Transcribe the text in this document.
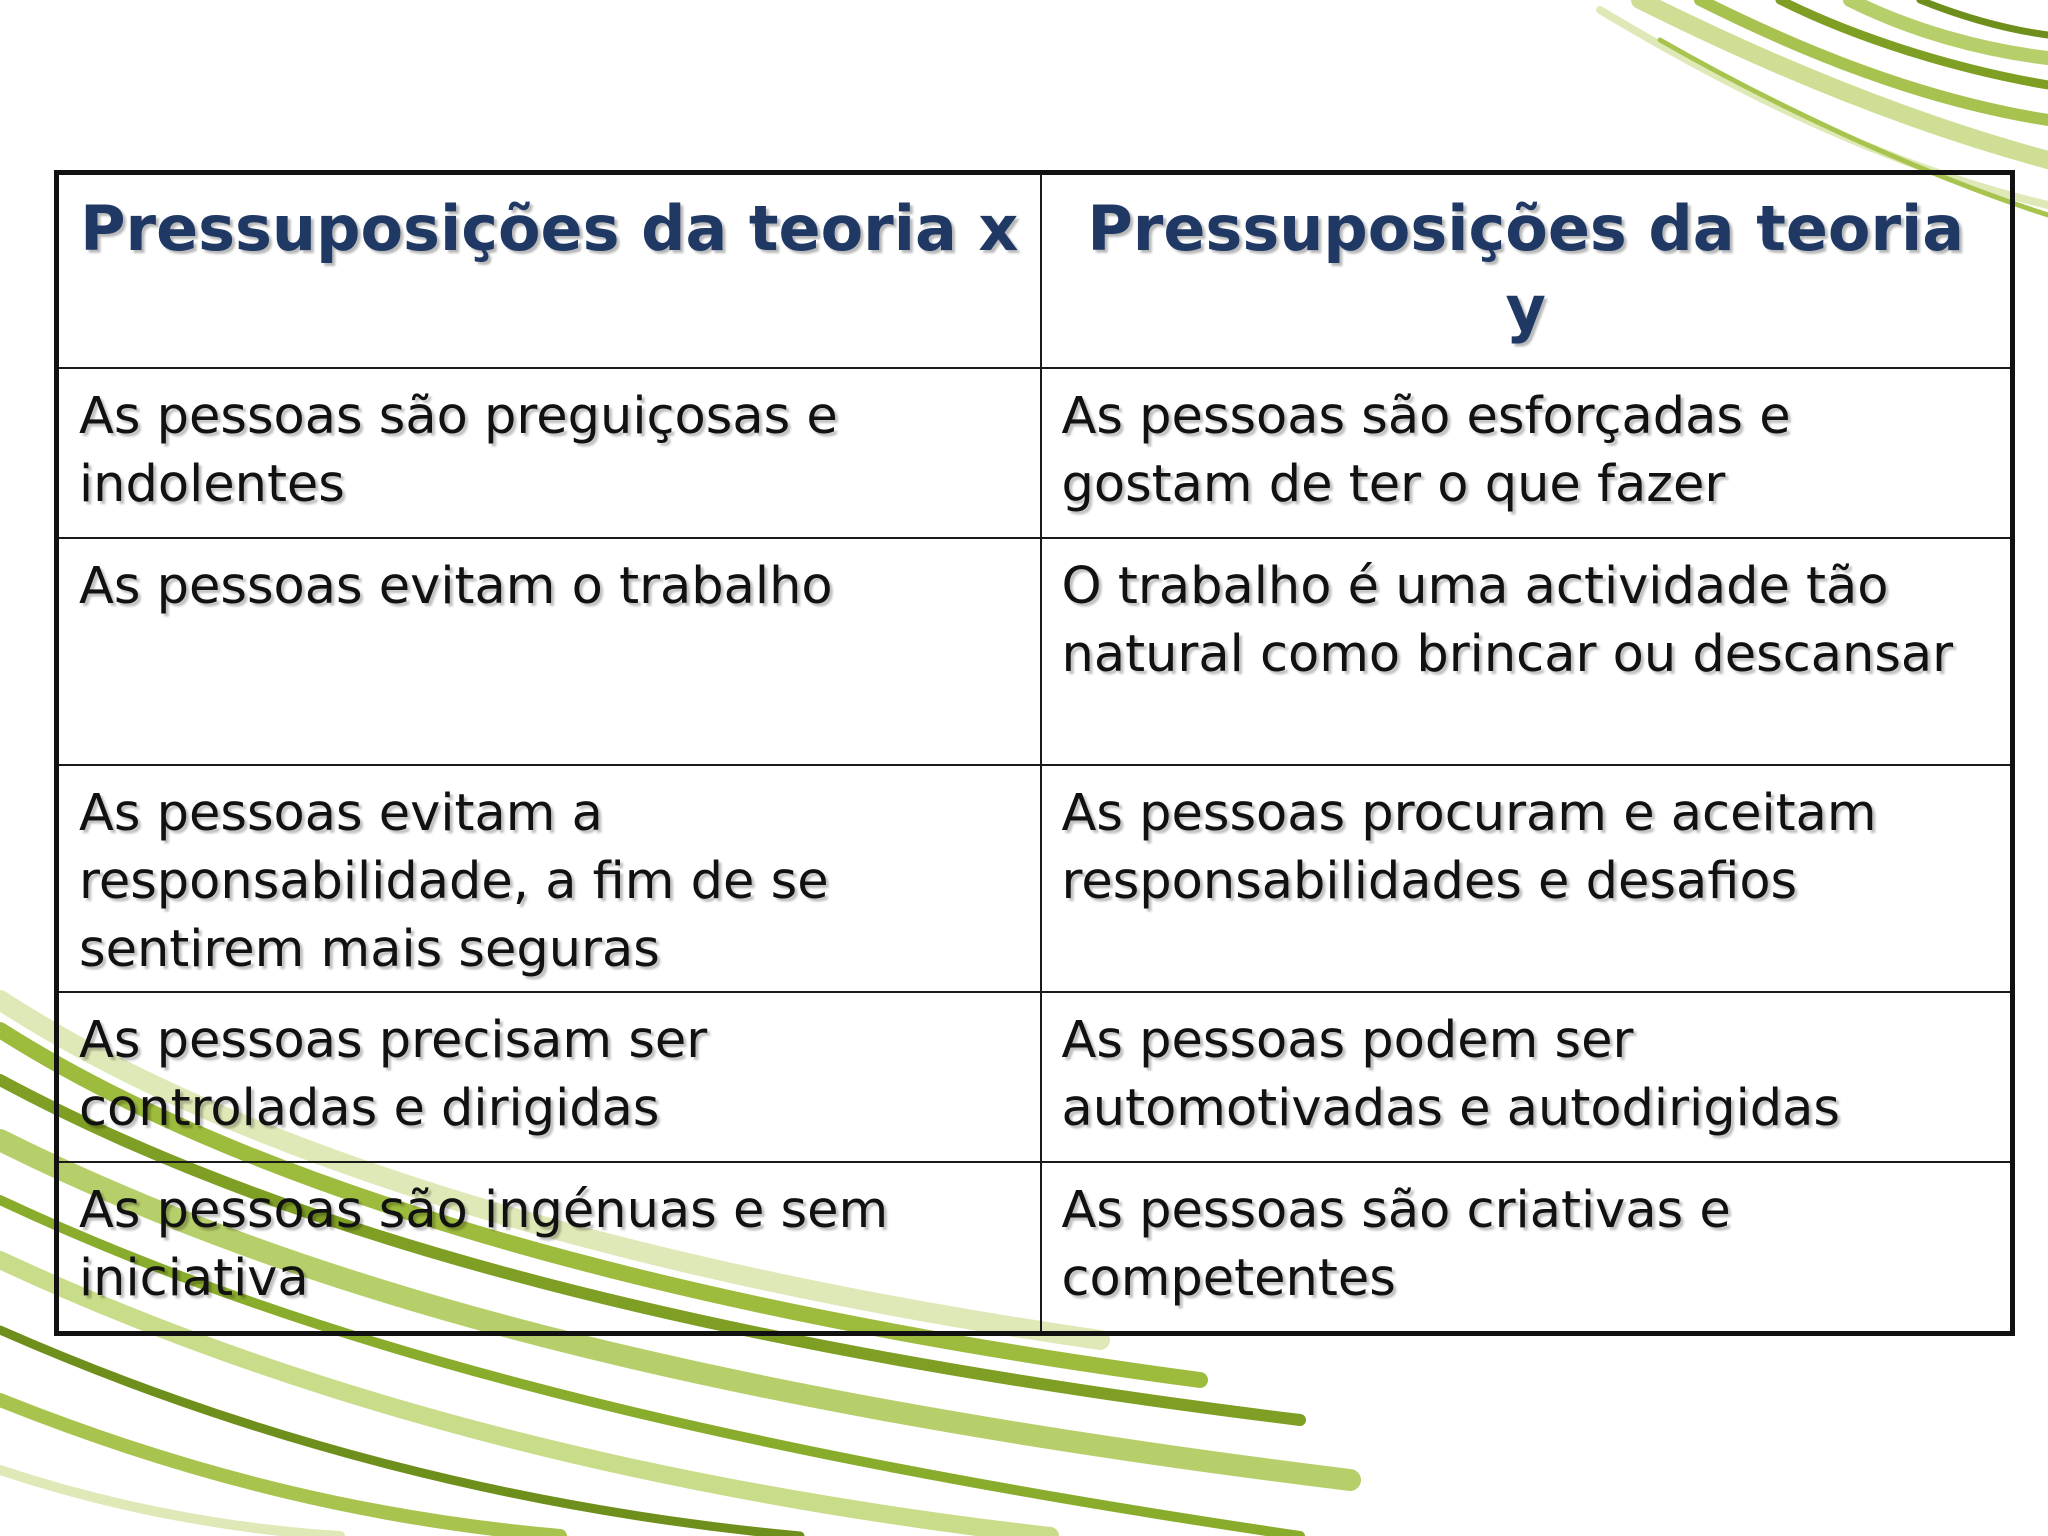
Pressuposições da teoria x	Pressuposições da teoria y
As pessoas são preguiçosas e indolentes	As pessoas são esforçadas e gostam de ter o que fazer
As pessoas evitam o trabalho	O trabalho é uma actividade tão natural como brincar ou descansar
As pessoas evitam a responsabilidade, a fim de se sentirem mais seguras	As pessoas procuram e aceitam responsabilidades e desafios
As pessoas precisam ser controladas e dirigidas	As pessoas podem ser automotivadas e autodirigidas
As pessoas são ingénuas e sem iniciativa	As pessoas são criativas e competentes
